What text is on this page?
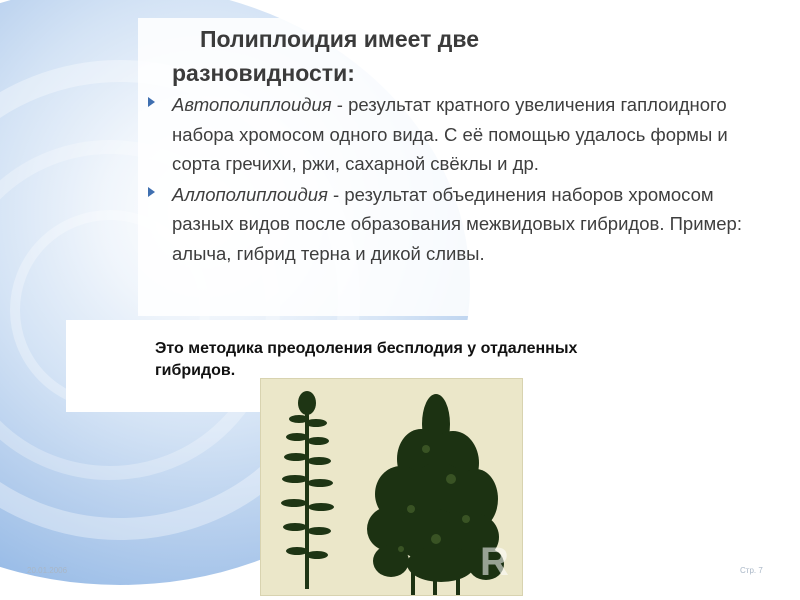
Полиплоидия имеет две
разновидности:
Автополиплоидия - результат кратного увеличения гаплоидного набора хромосом одного вида. С её помощью удалось формы и сорта гречихи, ржи, сахарной свёклы и др.
Аллополиплоидия - результат объединения наборов хромосом разных видов после образования межвидовых гибридов. Пример: алыча, гибрид терна и дикой сливы.
Это методика преодоления бесплодия у отдаленных гибридов.
R
20.01.2006	Стр. 7
